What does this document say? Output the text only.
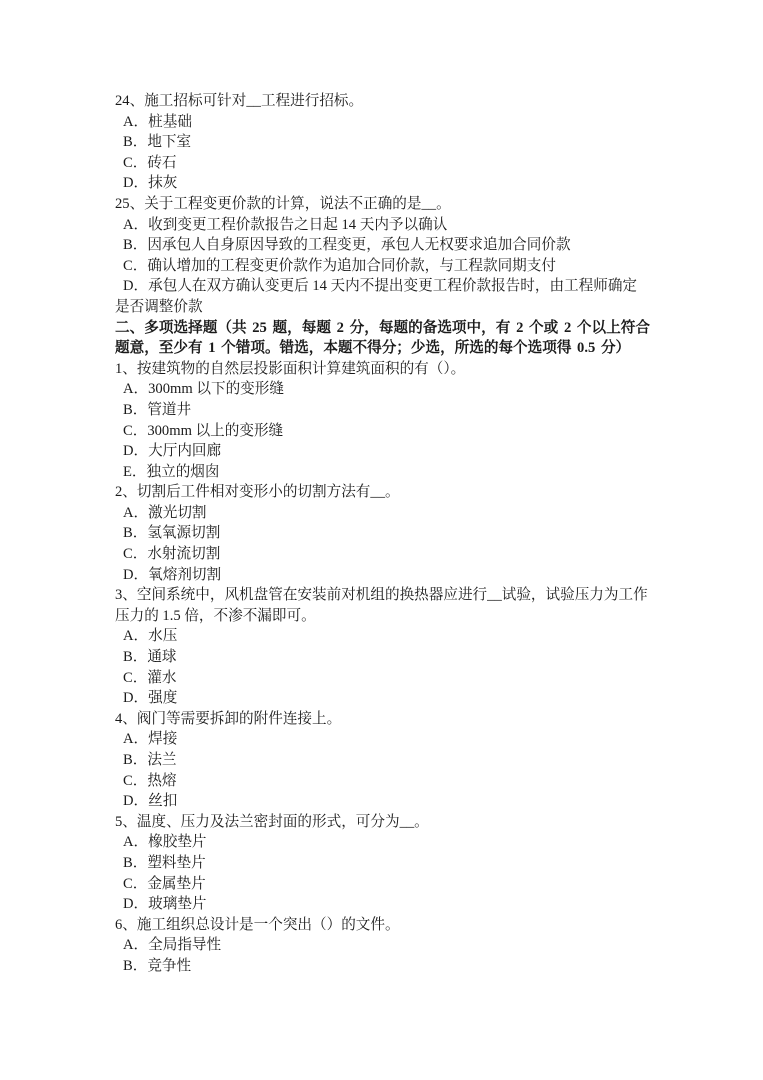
24、施工招标可针对__工程进行招标。
A．桩基础
B．地下室
C．砖石
D．抹灰
25、关于工程变更价款的计算，说法不正确的是__。
A．收到变更工程价款报告之日起 14 天内予以确认
B．因承包人自身原因导致的工程变更，承包人无权要求追加合同价款
C．确认增加的工程变更价款作为追加合同价款，与工程款同期支付
D．承包人在双方确认变更后 14 天内不提出变更工程价款报告时，由工程师确定是否调整价款
二、多项选择题（共 25 题，每题 2 分，每题的备选项中，有 2 个或 2 个以上符合题意，至少有 1 个错项。错选，本题不得分；少选，所选的每个选项得 0.5 分）
1、按建筑物的自然层投影面积计算建筑面积的有（）。
A．300mm 以下的变形缝
B．管道井
C．300mm 以上的变形缝
D．大厅内回廊
E．独立的烟囱
2、切割后工件相对变形小的切割方法有__。
A．激光切割
B．氢氧源切割
C．水射流切割
D．氧熔剂切割
3、空间系统中，风机盘管在安装前对机组的换热器应进行__试验，试验压力为工作压力的 1.5 倍，不渗不漏即可。
A．水压
B．通球
C．灌水
D．强度
4、阀门等需要拆卸的附件连接上。
A．焊接
B．法兰
C．热熔
D．丝扣
5、温度、压力及法兰密封面的形式，可分为__。
A．橡胶垫片
B．塑料垫片
C．金属垫片
D．玻璃垫片
6、施工组织总设计是一个突出（）的文件。
A．全局指导性
B．竞争性
